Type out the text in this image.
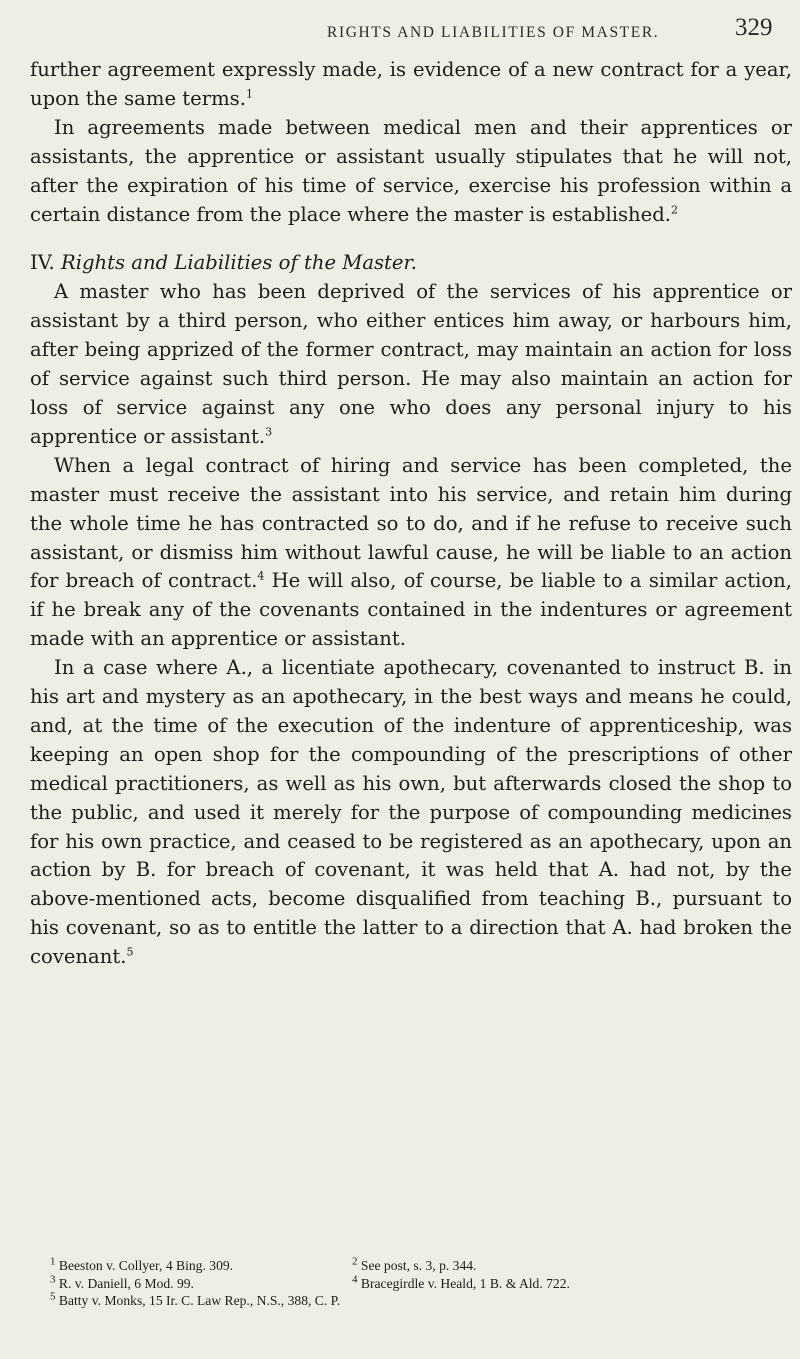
RIGHTS AND LIABILITIES OF MASTER.	329

further agreement expressly made, is evidence of a new contract for a year, upon the same terms.$^1$

In agreements made between medical men and their apprentices or assistants, the apprentice or assistant usually stipulates that he will not, after the expiration of his time of service, exercise his profession within a certain distance from the place where the master is established.$^2$

IV. Rights and Liabilities of the Master.

A master who has been deprived of the services of his apprentice or assistant by a third person, who either entices him away, or harbours him, after being apprized of the former contract, may maintain an action for loss of service against such third person. He may also maintain an action for loss of service against any one who does any personal injury to his apprentice or assistant.$^3$

When a legal contract of hiring and service has been completed, the master must receive the assistant into his service, and retain him during the whole time he has contracted so to do, and if he refuse to receive such assistant, or dismiss him without lawful cause, he will be liable to an action for breach of contract.$^4$ He will also, of course, be liable to a similar action, if he break any of the covenants contained in the indentures or agreement made with an apprentice or assistant.

In a case where A., a licentiate apothecary, covenanted to instruct B. in his art and mystery as an apothecary, in the best ways and means he could, and, at the time of the execution of the indenture of apprenticeship, was keeping an open shop for the compounding of the prescriptions of other medical practitioners, as well as his own, but afterwards closed the shop to the public, and used it merely for the purpose of compounding medicines for his own practice, and ceased to be registered as an apothecary, upon an action by B. for breach of covenant, it was held that A. had not, by the above-mentioned acts, become disqualified from teaching B., pursuant to his covenant, so as to entitle the latter to a direction that A. had broken the covenant.$^5$

$^1$ Beeston v. Collyer, 4 Bing. 309.	$^2$ See post, s. 3, p. 344.
$^3$ R. v. Daniell, 6 Mod. 99.	$^4$ Bracegirdle v. Heald, 1 B. & Ald. 722.
$^5$ Batty v. Monks, 15 Ir. C. Law Rep., N.S., 388, C. P.
